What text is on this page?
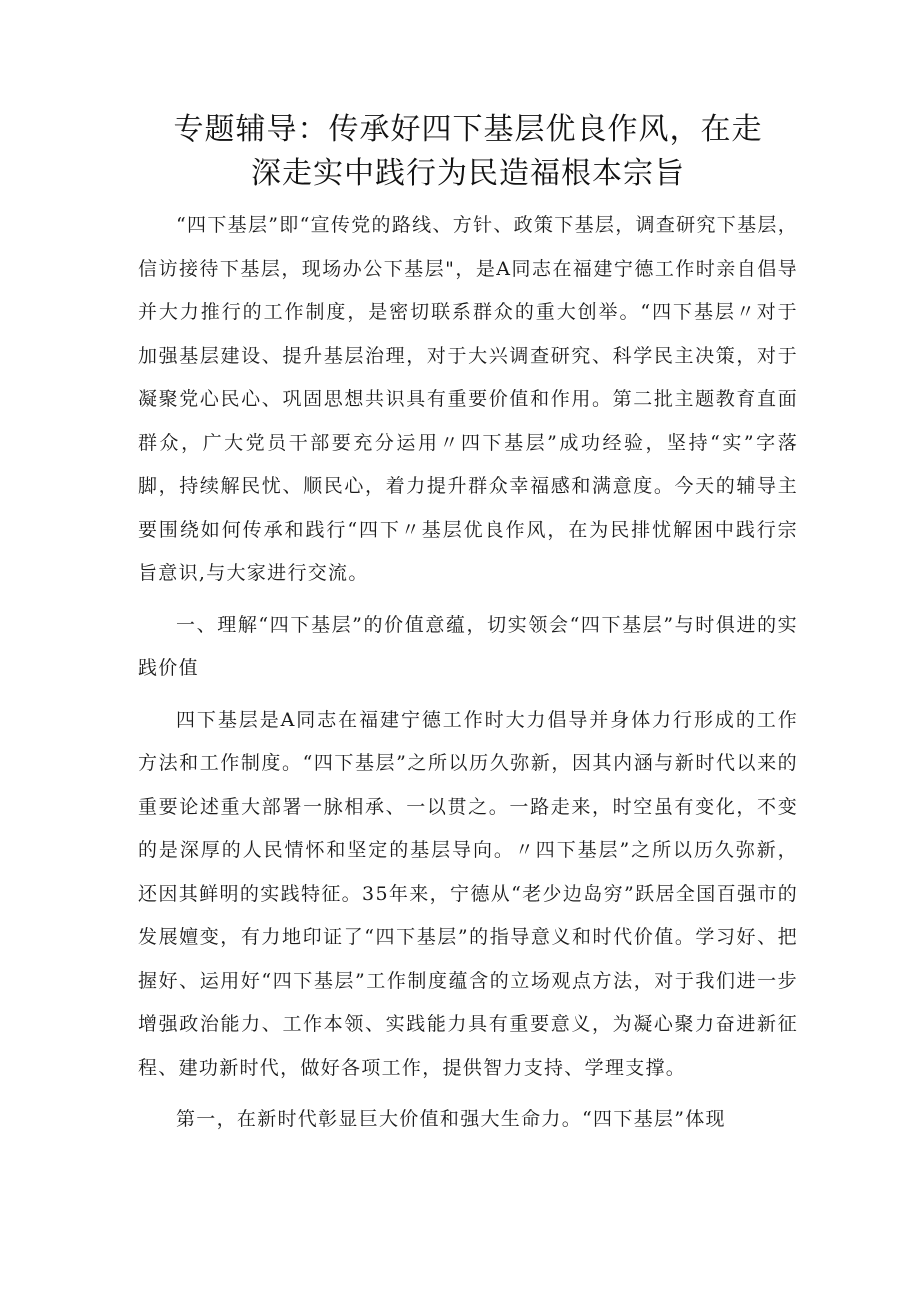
专题辅导：传承好四下基层优良作风，在走
深走实中践行为民造福根本宗旨

“四下基层”即“宣传党的路线、方针、政策下基层，调查研究下基层，信访接待下基层，现场办公下基层"，是A同志在福建宁德工作时亲自倡导并大力推行的工作制度，是密切联系群众的重大创举。“四下基层〃对于加强基层建设、提升基层治理，对于大兴调查研究、科学民主决策，对于凝聚党心民心、巩固思想共识具有重要价值和作用。第二批主题教育直面群众，广大党员干部要充分运用〃四下基层”成功经验，坚持“实”字落脚，持续解民忧、顺民心，着力提升群众幸福感和满意度。今天的辅导主要围绕如何传承和践行“四下〃基层优良作风，在为民排忧解困中践行宗旨意识,与大家进行交流。

一、理解“四下基层”的价值意蕴，切实领会“四下基层”与时俱进的实践价值

四下基层是A同志在福建宁德工作时大力倡导并身体力行形成的工作方法和工作制度。“四下基层”之所以历久弥新，因其内涵与新时代以来的重要论述重大部署一脉相承、一以贯之。一路走来，时空虽有变化，不变的是深厚的人民情怀和坚定的基层导向。〃四下基层”之所以历久弥新，还因其鲜明的实践特征。35年来，宁德从“老少边岛穷”跃居全国百强市的发展嬗变，有力地印证了“四下基层”的指导意义和时代价值。学习好、把握好、运用好“四下基层”工作制度蕴含的立场观点方法，对于我们进一步增强政治能力、工作本领、实践能力具有重要意义，为凝心聚力奋进新征程、建功新时代，做好各项工作，提供智力支持、学理支撑。

第一，在新时代彰显巨大价值和强大生命力。“四下基层”体现
